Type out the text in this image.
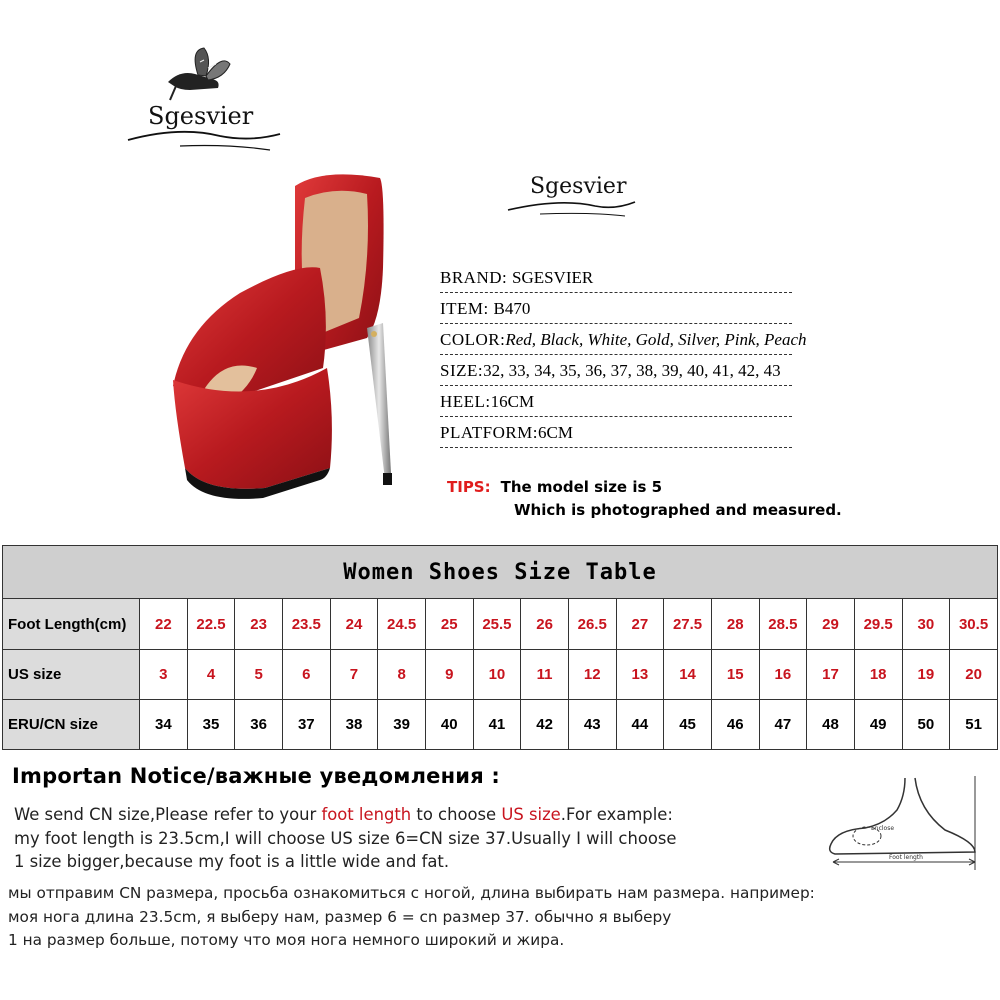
Sgesvier
Sgesvier
BRAND: SGESVIER
ITEM: B470
COLOR:Red, Black, White, Gold, Silver, Pink, Peach
SIZE:32, 33, 34, 35, 36, 37, 38, 39, 40, 41, 42, 43
HEEL:16CM
PLATFORM:6CM
TIPS: The model size is 5
Which is photographed and measured.
Women Shoes Size Table																		
Foot Length(cm)	22	22.5	23	23.5	24	24.5	25	25.5	26	26.5	27	27.5	28	28.5	29	29.5	30	30.5
US size	3	4	5	6	7	8	9	10	11	12	13	14	15	16	17	18	19	20
ERU/CN size	34	35	36	37	38	39	40	41	42	43	44	45	46	47	48	49	50	51
Importan Notice/важные уведомления :
We send CN size,Please refer to your foot length to choose US size.For example:
my foot length is 23.5cm,I will choose US size 6=CN size 37.Usually I will choose
1 size bigger,because my foot is a little wide and fat.
мы отправим CN размера, просьба ознакомиться с ногой, длина выбирать нам размера. например:
моя нога длина 23.5cm, я выберу нам, размер 6 = cn размер 37. обычно я выберу
1 на размер больше, потому что моя нога немного широкий и жира.
Enclose
Foot length
